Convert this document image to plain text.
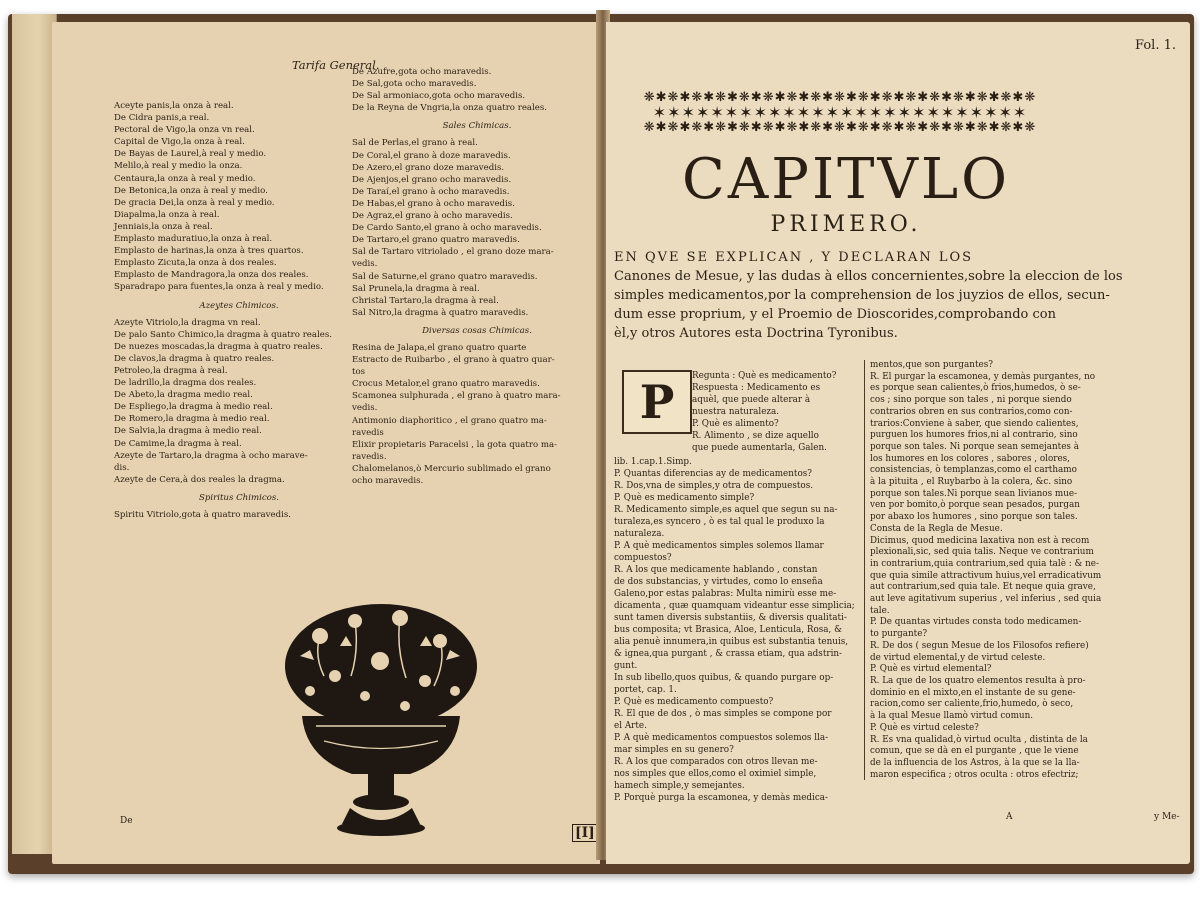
Tarifa General.
Aceyte panis,la onza à real.
De Cidra panis,a real.
Pectoral de Vigo,la onza vn real.
Capital de Vigo,la onza à real.
De Bayas de Laurel,à real y medio.
Melilo,à real y medio la onza.
Centaura,la onza à real y medio.
De Betonica,la onza à real y medio.
De gracia Dei,la onza à real y medio.
Diapalma,la onza à real.
Jenniais,la onza à real.
Emplasto maduratiuo,la onza à real.
Emplasto de harinas,la onza à tres quartos.
Emplasto Zicuta,la onza à dos reales.
Emplasto de Mandragora,la onza dos reales.
Sparadrapo para fuentes,la onza à real y medio.
Azeytes Chimicos.
Azeyte Vitriolo,la dragma vn real.
De palo Santo Chimico,la dragma à quatro reales.
De nuezes moscadas,la dragma à quatro reales.
De clavos,la dragma à quatro reales.
Petroleo,la dragma à real.
De ladrillo,la dragma dos reales.
De Abeto,la dragma medio real.
De Espliego,la dragma à medio real.
De Romero,la dragma à medio real.
De Salvia,la dragma à medio real.
De Camime,la dragma à real.
Azeyte de Tartaro,la dragma à ocho marave-
dis.
Azeyte de Cera,à dos reales la dragma.
Spiritus Chimicos.
Spiritu Vitriolo,gota à quatro maravedis.
De Azufre,gota ocho maravedis.
De Sal,gota ocho maravedis.
De Sal armoniaco,gota ocho maravedis.
De la Reyna de Vngria,la onza quatro reales.
Sales Chimicas.
Sal de Perlas,el grano à real.
De Coral,el grano à doze maravedis.
De Azero,el grano doze maravedis.
De Ajenjos,el grano ocho maravedis.
De Taraí,el grano à ocho maravedis.
De Habas,el grano à ocho maravedis.
De Agraz,el grano à ocho maravedis.
De Cardo Santo,el grano à ocho maravedis.
De Tartaro,el grano quatro maravedis.
Sal de Tartaro vitriolado , el grano doze mara-
vedis.
Sal de Saturne,el grano quatro maravedis.
Sal Prunela,la dragma à real.
Christal Tartaro,la dragma à real.
Sal Nitro,la dragma à quatro maravedis.
Diversas cosas Chimicas.
Resina de Jalapa,el grano quatro quarte
Estracto de Ruibarbo , el grano à quatro quar-
tos
Crocus Metalor,el grano quatro maravedis.
Scamonea sulphurada , el grano à quatro mara-
vedis.
Antimonio diaphoritico , el grano quatro ma-
ravedis
Elixir propietaris Paracelsi , la gota quatro ma-
ravedis.
Chalomelanos,ò Mercurio sublimado el grano
ocho maravedis.
De
[I]
Fol. 1.
❋✱❋✱❋✱❋✱❋✱❋✱❋✱❋✱❋✱❋✱❋✱❋✱❋✱❋✱❋✱❋✱❋
✶✶✶✶✶✶✶✶✶✶✶✶✶✶✶✶✶✶✶✶✶✶✶✶✶✶
❋✱❋✱❋✱❋✱❋✱❋✱❋✱❋✱❋✱❋✱❋✱❋✱❋✱❋✱❋✱❋✱❋
CAPITVLO
PRIMERO.
EN QVE SE EXPLICAN , Y DECLARAN LOS
Canones de Mesue, y las dudas à ellos concernientes,sobre la eleccion de los
simples medicamentos,por la comprehension de los juyzios de ellos, secun-
dum esse proprium, y el Proemio de Dioscorides,comprobando con
èl,y otros Autores esta Doctrina Tyronibus.
P	Regunta : Què es medicamento?
Respuesta : Medicamento es
aquèl, que puede alterar à
nuestra naturaleza.
P. Què es alimento?
R. Alimento , se dize aquello
que puede aumentarla, Galen.
lib. 1.cap.1.Simp.
P. Quantas diferencias ay de medicamentos?
R. Dos,vna de simples,y otra de compuestos.
P. Què es medicamento simple?
R. Medicamento simple,es aquel que segun su na-
turaleza,es syncero , ò es tal qual le produxo la
naturaleza.
P. A què medicamentos simples solemos llamar
compuestos?
R. A los que medicamente hablando , constan
de dos substancias, y virtudes, como lo enseña
Galeno,por estas palabras: Multa nimirù esse me-
dicamenta , quæ quamquam videantur esse simplicia;
sunt tamen diversis substantiis, & diversis qualitati-
bus composita; vt Brasica, Aloe, Lenticula, Rosa, &
alia penuè innumera,in quibus est substantia tenuis,
& ignea,qua purgant , & crassa etiam, qua adstrin-
gunt.
In sub libello,quos quibus, & quando purgare op-
portet, cap. 1.
P. Què es medicamento compuesto?
R. El que de dos , ò mas simples se compone por
el Arte.
P. A què medicamentos compuestos solemos lla-
mar simples en su genero?
R. A los que comparados con otros llevan me-
nos simples que ellos,como el oximiel simple,
hamech simple,y semejantes.
P. Porquè purga la escamonea, y demàs medica-
mentos,que son purgantes?
R. El purgar la escamonea, y demàs purgantes, no
es porque sean calientes,ò frios,humedos, ò se-
cos ; sino porque son tales , ni porque siendo
contrarios obren en sus contrarios,como con-
trarios:Conviene à saber, que siendo calientes,
purguen los humores frios,ni al contrario, sino
porque son tales. Ni porque sean semejantes à
los humores en los colores , sabores , olores,
consistencias, ò templanzas,como el carthamo
à la pituita , el Ruybarbo à la colera, &c. sino
porque son tales.Ni porque sean livianos mue-
ven por bomito,ò porque sean pesados, purgan
por abaxo los humores , sino porque son tales.
Consta de la Regla de Mesue.
Dicimus, quod medicina laxativa non est à recom
plexionali,sic, sed quia talis. Neque ve contrarium
in contrarium,quia contrarium,sed quia talè : & ne-
que quia simile attractivum huius,vel erradicativum
aut contrarium,sed quia tale. Et neque quia grave,
aut leve agitativum superius , vel inferius , sed quia
tale.
P. De quantas virtudes consta todo medicamen-
to purgante?
R. De dos ( segun Mesue de los Filosofos refiere)
de virtud elemental,y de virtud celeste.
P. Què es virtud elemental?
R. La que de los quatro elementos resulta à pro-
dominio en el mixto,en el instante de su gene-
racion,como ser caliente,frio,humedo, ò seco,
à la qual Mesue llamò virtud comun.
P. Què es virtud celeste?
R. Es vna qualidad,ò virtud oculta , distinta de la
comun, que se dà en el purgante , que le viene
de la influencia de los Astros, à la que se la lla-
maron especifica ; otros oculta : otros efectriz;
A	y Me-
